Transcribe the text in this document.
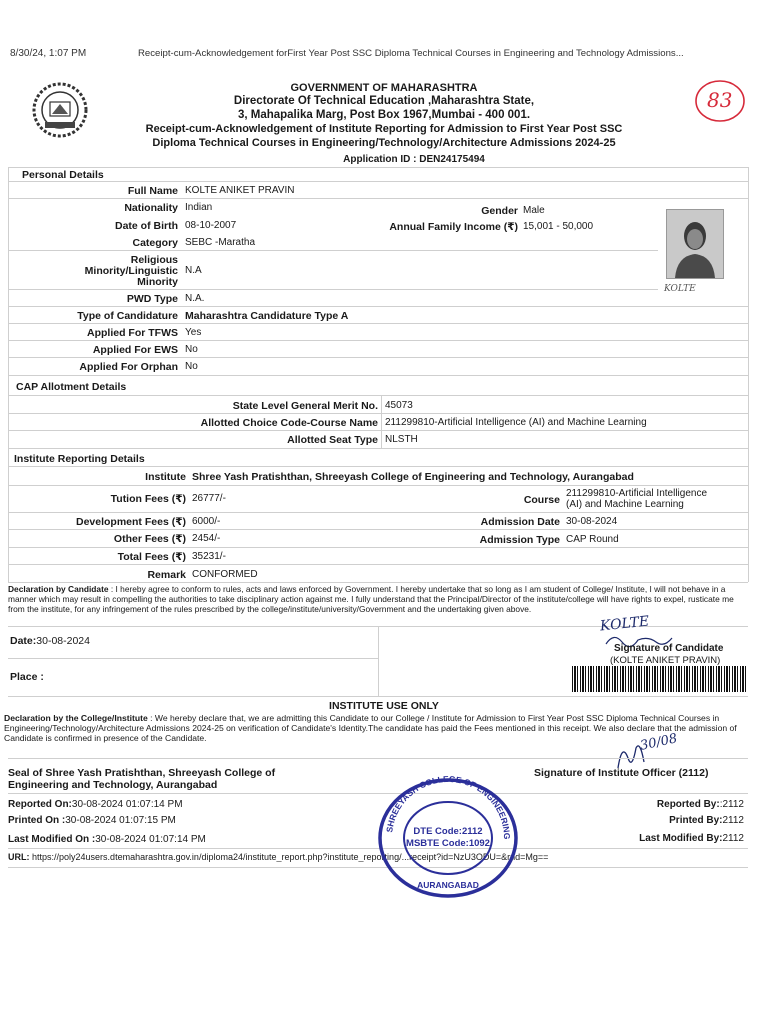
8/30/24, 1:07 PM	Receipt-cum-Acknowledgement forFirst Year Post SSC Diploma Technical Courses in Engineering and Technology Admissions...
83
GOVERNMENT OF MAHARASHTRA
Directorate Of Technical Education ,Maharashtra State,
3, Mahapalika Marg, Post Box 1967,Mumbai - 400 001.
Receipt-cum-Acknowledgement of Institute Reporting for Admission to First Year Post SSC
Diploma Technical Courses in Engineering/Technology/Architecture Admissions 2024-25
Application ID : DEN24175494
Personal Details
Full Name KOLTE ANIKET PRAVIN
Nationality Indian	Gender Male
Date of Birth 08-10-2007	Annual Family Income (₹) 15,001 - 50,000
Category SEBC -Maratha
Religious
Minority/Linguistic
Minority
N.A
PWD Type N.A.
Type of Candidature Maharashtra Candidature Type A
Applied For TFWS Yes
Applied For EWS No
Applied For Orphan No
KOLTE
CAP Allotment Details
State Level General Merit No. 45073
Allotted Choice Code-Course Name 211299810-Artificial Intelligence (AI) and Machine Learning
Allotted Seat Type NLSTH
Institute Reporting Details
Institute Shree Yash Pratishthan, Shreeyash College of Engineering and Technology, Aurangabad
Tution Fees (₹) 26777/-	Course
211299810-Artificial Intelligence
(AI) and Machine Learning
Development Fees (₹) 6000/-	Admission Date 30-08-2024
Other Fees (₹) 2454/-	Admission Type CAP Round
Total Fees (₹) 35231/-
Remark CONFORMED
Declaration by Candidate : I hereby agree to conform to rules, acts and laws enforced by Government. I hereby undertake that so long as I am student of College/ Institute, I will not behave in a manner which may result in compelling the authorities to take disciplinary action against me. I fully understand that the Principal/Director of the institute/college will have rights to expel, rusticate me from the institute, for any infringement of the rules prescribed by the college/institute/university/Government and the undertaking given above.
Date:30-08-2024
Place :
KOLTE
Signature of Candidate
(KOLTE ANIKET PRAVIN)
INSTITUTE USE ONLY
Declaration by the College/Institute : We hereby declare that, we are admitting this Candidate to our College / Institute for Admission to First Year Post SSC Diploma Technical Courses in Engineering/Technology/Architecture Admissions 2024-25 on verification of Candidate's Identity.The candidate has paid the Fees mentioned in this receipt. We also declare that the admission of Candidate is confirmed in presence of the Candidate.	30/08
Seal of Shree Yash Pratishthan, Shreeyash College of
Engineering and Technology, Aurangabad
Signature of Institute Officer (2112)
Reported On:30-08-2024 01:07:14 PM
Printed On :30-08-2024 01:07:15 PM
Last Modified On :30-08-2024 01:07:14 PM
Reported By::2112
Printed By:2112
Last Modified By:2112
URL: https://poly24users.dtemaharashtra.gov.in/diploma24/institute_report.php?institute_reporting/...receipt?id=NzU3ODU=&rnd=Mg==
SHREEYASH COLLEGE OF ENGINEERING
DTE Code:2112
MSBTE Code:1092
AURANGABAD
